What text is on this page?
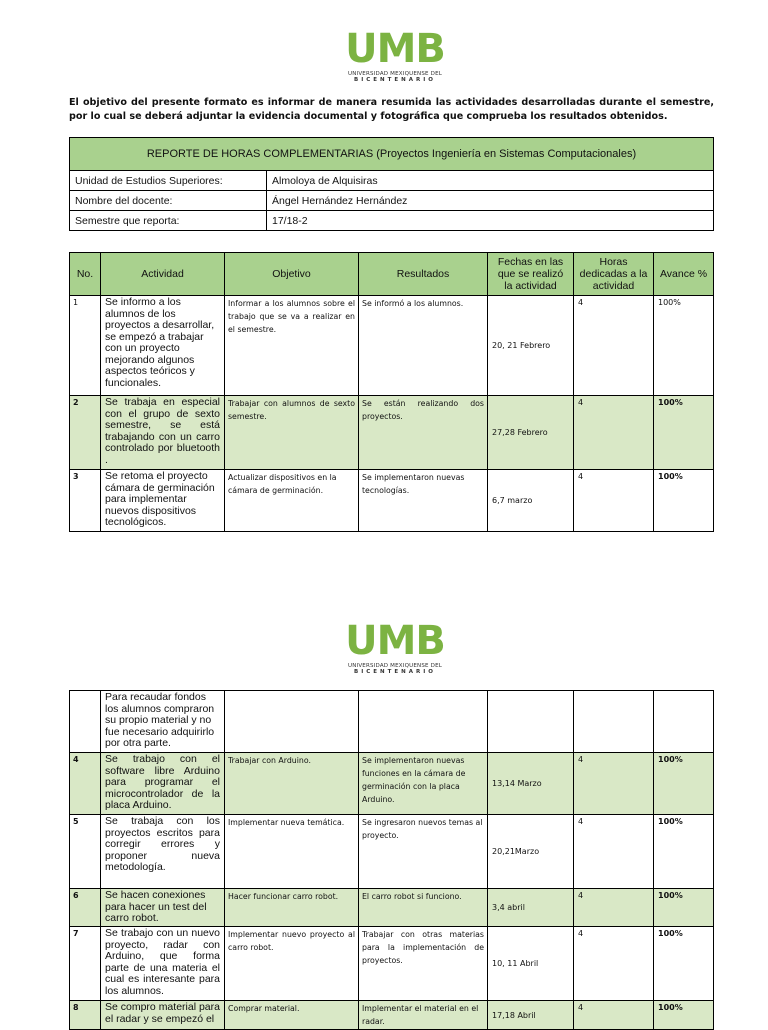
UMB
UNIVERSIDAD MEXIQUENSE DEL
BICENTENARIO
El objetivo del presente formato es informar de manera resumida las actividades desarrolladas durante el semestre, por lo cual se deberá adjuntar la evidencia documental y fotográfica que comprueba los resultados obtenidos.
REPORTE DE HORAS COMPLEMENTARIAS (Proyectos Ingeniería en Sistemas Computacionales)	
Unidad de Estudios Superiores:	Almoloya de Alquisiras
Nombre del docente:	Ángel Hernández Hernández
Semestre que reporta:	17/18-2
No.	Actividad	Objetivo	Resultados	Fechas en las que se realizó la actividad	Horas dedicadas a la actividad	Avance %
1	Se informo a los alumnos de los proyectos a desarrollar, se empezó a trabajar con un proyecto mejorando algunos aspectos teóricos y funcionales.	Informar a los alumnos sobre el trabajo que se va a realizar en el semestre.	Se informó a los alumnos.	20, 21 Febrero	4	100%
2	Se trabaja en especial con el grupo de sexto semestre, se está trabajando con un carro controlado por bluetooth .	Trabajar con alumnos de sexto semestre.	Se están realizando dos proyectos.	27,28 Febrero	4	100%
3	Se retoma el proyecto cámara de germinación para implementar nuevos dispositivos tecnológicos.	Actualizar dispositivos en la cámara de germinación.	Se implementaron nuevas tecnologías.	6,7 marzo	4	100%
UMB
UNIVERSIDAD MEXIQUENSE DEL
BICENTENARIO
	Para recaudar fondos los alumnos compraron su propio material y no fue necesario adquirirlo por otra parte.					
4	Se trabajo con el software libre Arduino para programar el microcontrolador de la placa Arduino.	Trabajar con Arduino.	Se implementaron nuevas funciones en la cámara de germinación con la placa Arduino.	13,14 Marzo	4	100%
5	Se trabaja con los proyectos escritos para corregir errores y proponer nueva metodología.	Implementar nueva temática.	Se ingresaron nuevos temas al proyecto.	20,21Marzo	4	100%
6	Se hacen conexiones para hacer un test del carro robot.	Hacer funcionar carro robot.	El carro robot si funciono.	3,4 abril	4	100%
7	Se trabajo con un nuevo proyecto, radar con Arduino, que forma parte de una materia el cual es interesante para los alumnos.	Implementar nuevo proyecto al carro robot.	Trabajar con otras materias para la implementación de proyectos.	10, 11 Abril	4	100%
8	Se compro material para el radar y se empezó el	Comprar material.	Implementar el material en el radar.	17,18 Abril	4	100%
